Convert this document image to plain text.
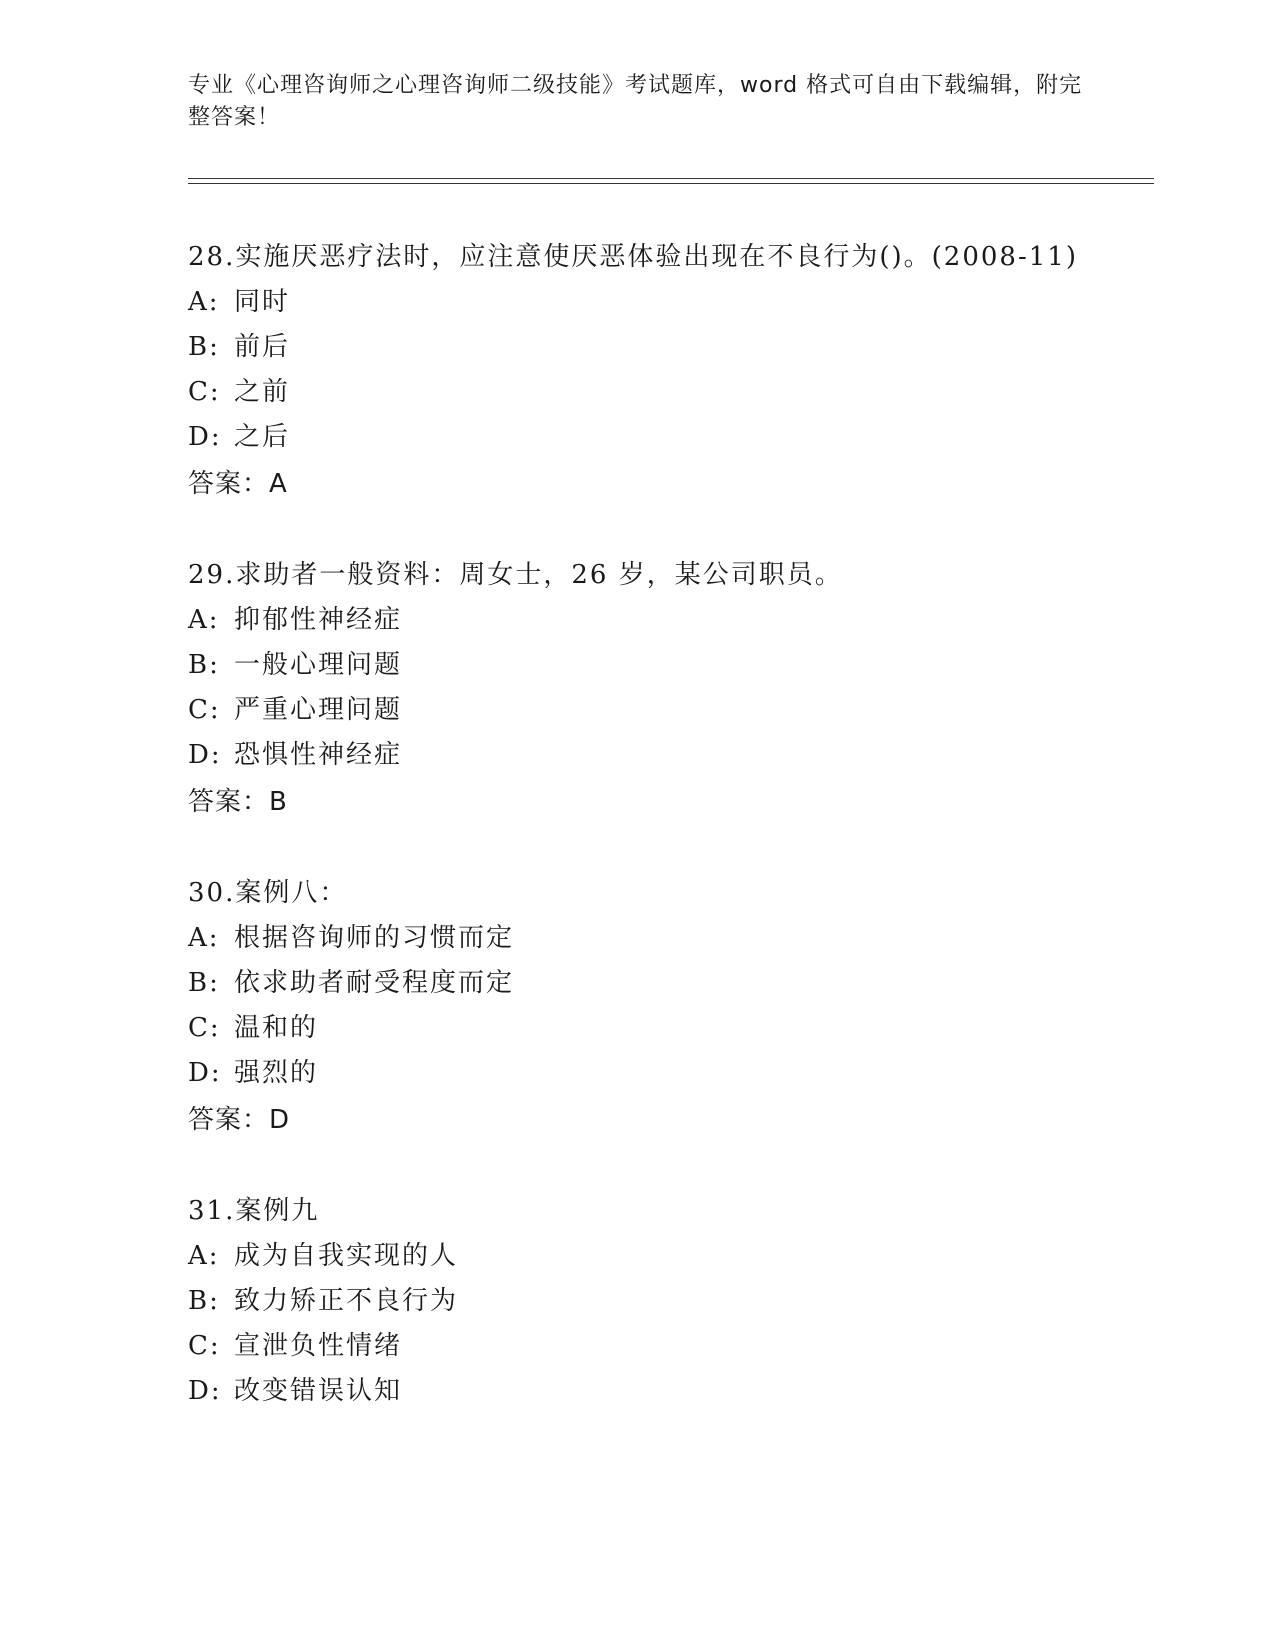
专业《心理咨询师之心理咨询师二级技能》考试题库，word 格式可自由下载编辑，附完整答案！

28.实施厌恶疗法时，应注意使厌恶体验出现在不良行为()。(2008-11)

A: 同时

B: 前后

C: 之前

D: 之后

答案：A

29.求助者一般资料：周女士，26 岁，某公司职员。

A: 抑郁性神经症

B: 一般心理问题

C: 严重心理问题

D: 恐惧性神经症

答案：B

30.案例八：

A: 根据咨询师的习惯而定

B: 依求助者耐受程度而定

C: 温和的

D: 强烈的

答案：D

31.案例九

A: 成为自我实现的人

B: 致力矫正不良行为

C: 宣泄负性情绪

D: 改变错误认知
